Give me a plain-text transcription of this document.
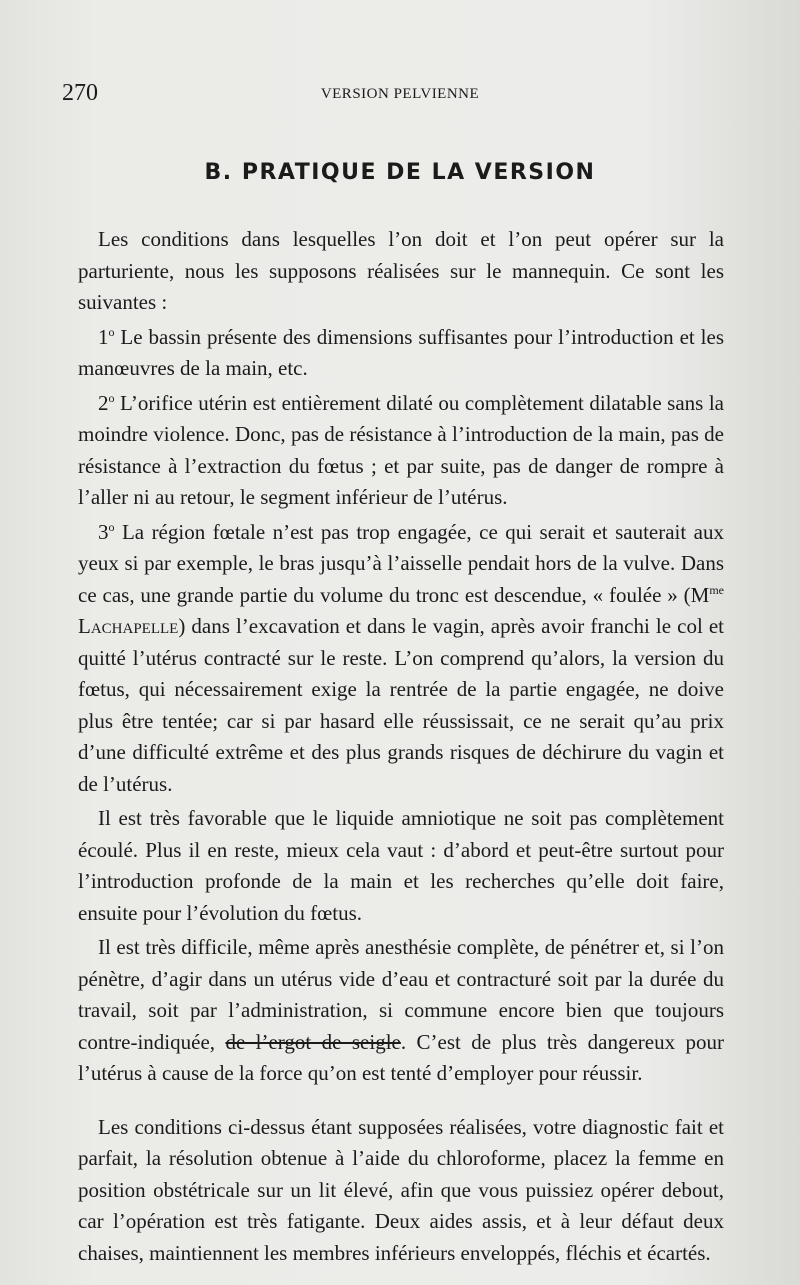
270	VERSION PELVIENNE
B. PRATIQUE DE LA VERSION

Les conditions dans lesquelles l’on doit et l’on peut opérer sur la parturiente, nous les supposons réalisées sur le mannequin. Ce sont les suivantes :

1$^o$ Le bassin présente des dimensions suffisantes pour l’introduction et les manœuvres de la main, etc.

2$^o$ L’orifice utérin est entièrement dilaté ou complètement dilatable sans la moindre violence. Donc, pas de résistance à l’introduction de la main, pas de résistance à l’extraction du fœtus ; et par suite, pas de danger de rompre à l’aller ni au retour, le segment inférieur de l’utérus.

3$^o$ La région fœtale n’est pas trop engagée, ce qui serait et sauterait aux yeux si par exemple, le bras jusqu’à l’aisselle pendait hors de la vulve. Dans ce cas, une grande partie du volume du tronc est descendue, « foulée » ($M^{me}$ Lachapelle) dans l’excavation et dans le vagin, après avoir franchi le col et quitté l’utérus contracté sur le reste. L’on comprend qu’alors, la version du fœtus, qui nécessairement exige la rentrée de la partie engagée, ne doive plus être tentée; car si par hasard elle réussissait, ce ne serait qu’au prix d’une difficulté extrême et des plus grands risques de déchirure du vagin et de l’utérus.

Il est très favorable que le liquide amniotique ne soit pas complètement écoulé. Plus il en reste, mieux cela vaut : d’abord et peut-être surtout pour l’introduction profonde de la main et les recherches qu’elle doit faire, ensuite pour l’évolution du fœtus.

Il est très difficile, même après anesthésie complète, de pénétrer et, si l’on pénètre, d’agir dans un utérus vide d’eau et contracturé soit par la durée du travail, soit par l’administration, si commune encore bien que toujours contre-indiquée, de l’ergot de seigle. C’est de plus très dangereux pour l’utérus à cause de la force qu’on est tenté d’employer pour réussir.

Les conditions ci-dessus étant supposées réalisées, votre diagnostic fait et parfait, la résolution obtenue à l’aide du chloroforme, placez la femme en position obstétricale sur un lit élevé, afin que vous puissiez opérer debout, car l’opération est très fatigante. Deux aides assis, et à leur défaut deux chaises, maintiennent les membres inférieurs enveloppés, fléchis et écartés.
